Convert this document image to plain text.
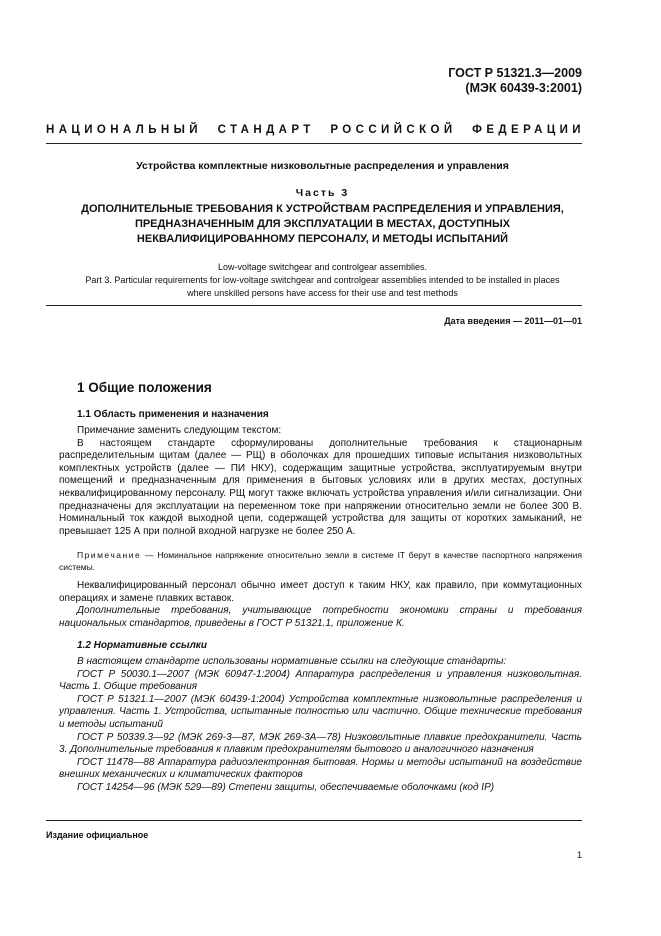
ГОСТ Р 51321.3—2009
(МЭК 60439-3:2001)
НАЦИОНАЛЬНЫЙ СТАНДАРТ РОССИЙСКОЙ ФЕДЕРАЦИИ
Устройства комплектные низковольтные распределения и управления
Часть 3
ДОПОЛНИТЕЛЬНЫЕ ТРЕБОВАНИЯ К УСТРОЙСТВАМ РАСПРЕДЕЛЕНИЯ И УПРАВЛЕНИЯ,
ПРЕДНАЗНАЧЕННЫМ ДЛЯ ЭКСПЛУАТАЦИИ В МЕСТАХ, ДОСТУПНЫХ
НЕКВАЛИФИЦИРОВАННОМУ ПЕРСОНАЛУ, И МЕТОДЫ ИСПЫТАНИЙ
Low-voltage switchgear and controlgear assemblies.
Part 3. Particular requirements for low-voltage switchgear and controlgear assemblies intended to be installed in places
where unskilled persons have access for their use and test methods
Дата введения — 2011—01—01
1 Общие положения
1.1 Область применения и назначения

Примечание заменить следующим текстом:

В настоящем стандарте сформулированы дополнительные требования к стационарным распределительным щитам (далее — РЩ) в оболочках для прошедших типовые испытания низковольтных комплектных устройств (далее — ПИ НКУ), содержащим защитные устройства, эксплуатируемым внутри помещений и предназначенным для применения в бытовых условиях или в других местах, доступных неквалифицированному персоналу. РЩ могут также включать устройства управления и/или сигнализации. Они предназначены для эксплуатации на переменном токе при напряжении относительно земли не более 300 В. Номинальный ток каждой выходной цепи, содержащей устройства для защиты от коротких замыканий, не превышает 125 А при полной входной нагрузке не более 250 А.

Примечание — Номинальное напряжение относительно земли в системе IT берут в качестве паспортного напряжения системы.

Неквалифицированный персонал обычно имеет доступ к таким НКУ, как правило, при коммутационных операциях и замене плавких вставок.

Дополнительные требования, учитывающие потребности экономики страны и требования национальных стандартов, приведены в ГОСТ Р 51321.1, приложение К.

1.2 Нормативные ссылки

В настоящем стандарте использованы нормативные ссылки на следующие стандарты:

ГОСТ Р 50030.1—2007 (МЭК 60947-1:2004) Аппаратура распределения и управления низковольтная. Часть 1. Общие требования

ГОСТ Р 51321.1—2007 (МЭК 60439-1:2004) Устройства комплектные низковольтные распределения и управления. Часть 1. Устройства, испытанные полностью или частично. Общие технические требования и методы испытаний

ГОСТ Р 50339.3—92 (МЭК 269-3—87, МЭК 269-3А—78) Низковольтные плавкие предохранители. Часть 3. Дополнительные требования к плавким предохранителям бытового и аналогичного назначения

ГОСТ 11478—88 Аппаратура радиоэлектронная бытовая. Нормы и методы испытаний на воздействие внешних механических и климатических факторов

ГОСТ 14254—96 (МЭК 529—89) Степени защиты, обеспечиваемые оболочками (код IP)

Издание официальное
1
